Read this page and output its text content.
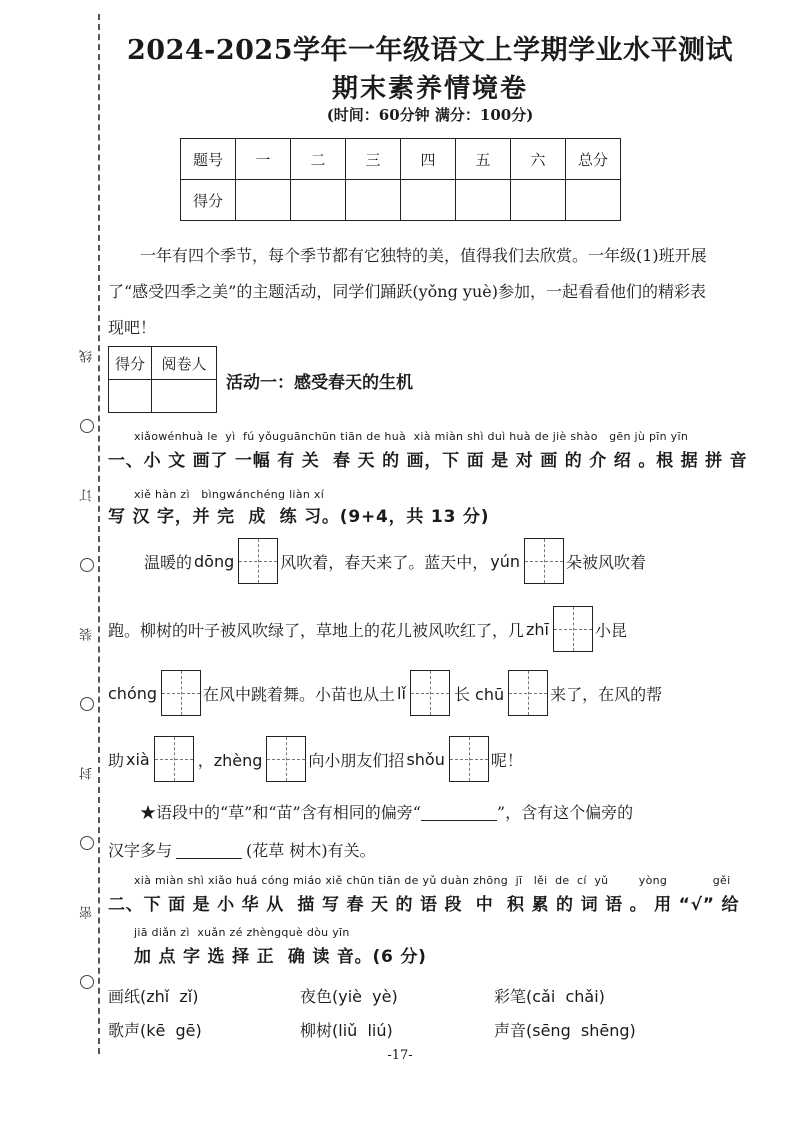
线
订
装
封
密
2024-2025学年一年级语文上学期学业水平测试
期末素养情境卷
(时间：60分钟 满分：100分)
题号	一	二	三	四	五	六	总分
得分							
一年有四个季节，每个季节都有它独特的美，值得我们去欣赏。一年级(1)班开展了“感受四季之美”的主题活动，同学们踊跃(yǒng yuè)参加，一起看看他们的精彩表现吧！
得分	阅卷人

活动一：感受春天的生机
xiǎowénhuà le  yì  fú yǒuguānchūn tiān de huà  xià miàn shì duì huà de jiè shào   gēn jù pīn yīn
一、小 文 画了 一幅 有 关  春 天 的 画，下 面 是 对 画 的 介 绍 。根 据 拼 音
xiě hàn zì   bìngwánchéng liàn xí
写 汉 字，并 完  成  练 习。(9+4，共 13 分)
温暖的 dōng	风吹着，春天来了。蓝天中， yún	朵被风吹着
跑。柳树的叶子被风吹绿了，草地上的花儿被风吹红了，几 zhī	小昆
chóng	在风中跳着舞。小苗也从土 lǐ	长 chū	来了，在风的帮
助 xià	，zhèng	向小朋友们招 shǒu	呢！
★语段中的“草”和“苗”含有相同的偏旁“	”，含有这个偏旁的
汉字多与	(花草 树木)有关。
xià miàn shì xiǎo huá cóng miáo xiě chūn tiān de yǔ duàn zhōng  jī   lěi  de  cí  yǔ        yòng            gěi
二、下 面 是 小 华 从  描 写 春 天 的 语 段  中  积 累 的 词 语 。 用 “√” 给
jiā diǎn zì  xuǎn zé zhèngquè dòu yīn
加 点 字 选 择 正  确 读 音。(6 分)
画纸(zhǐ  zǐ)	夜色(yiè  yè)	彩笔(cǎi  chǎi)
歌声(kē  gē)	柳树(liǔ  liú)	声音(sēng  shēng)
-17-
